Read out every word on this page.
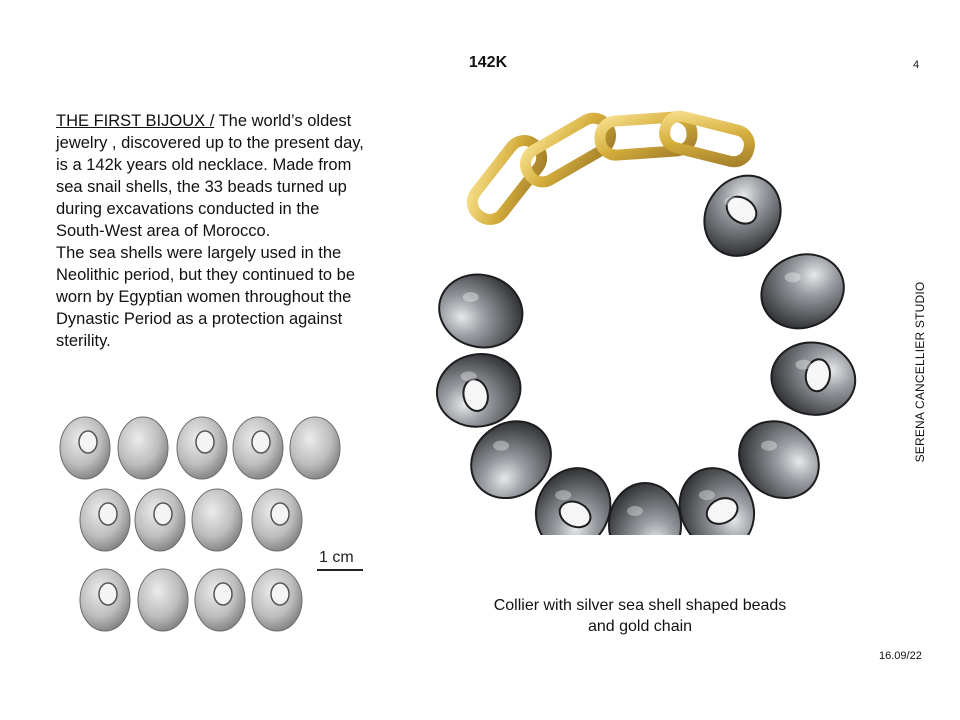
142K	4
SERENA CANCELLIER STUDIO
16.09/22

THE FIRST BIJOUX / The world’s oldest jewelry , discovered up to the present day, is a 142k years old necklace. Made from sea snail shells, the 33 beads turned up during excavations conducted in the South-West area of Morocco.

The sea shells were largely used in the Neolithic period, but they continued to be worn by Egyptian women throughout the Dynastic Period as a protection against sterility.

1 cm
Collier with silver sea shell shaped beads and gold chain
